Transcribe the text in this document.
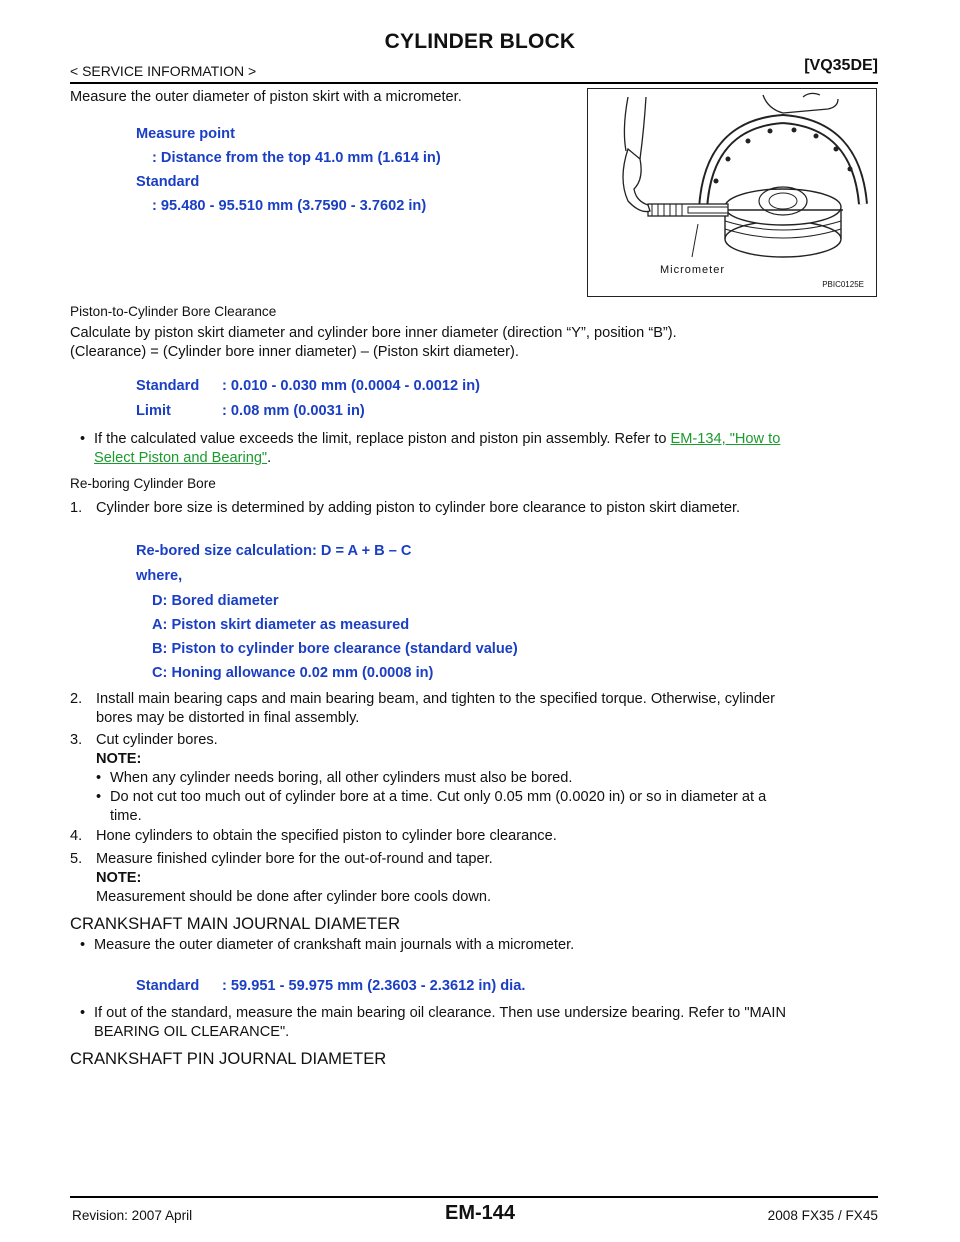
CYLINDER BLOCK
< SERVICE INFORMATION >	[VQ35DE]
Measure the outer diameter of piston skirt with a micrometer.
Measure point
: Distance from the top 41.0 mm (1.614 in)
Standard
: 95.480 - 95.510 mm (3.7590 - 3.7602 in)
Micrometer
PBIC0125E
Piston-to-Cylinder Bore Clearance
Calculate by piston skirt diameter and cylinder bore inner diameter (direction “Y”, position “B”).
(Clearance) = (Cylinder bore inner diameter) – (Piston skirt diameter).
Standard : 0.010 - 0.030 mm (0.0004 - 0.0012 in)
Limit	: 0.08 mm (0.0031 in)
• If the calculated value exceeds the limit, replace piston and piston pin assembly. Refer to EM-134, "How to
Select Piston and Bearing".
Re-boring Cylinder Bore
1. Cylinder bore size is determined by adding piston to cylinder bore clearance to piston skirt diameter.
Re-bored size calculation: D = A + B – C
where,
D: Bored diameter
A: Piston skirt diameter as measured
B: Piston to cylinder bore clearance (standard value)
C: Honing allowance 0.02 mm (0.0008 in)
2. Install main bearing caps and main bearing beam, and tighten to the specified torque. Otherwise, cylinder
bores may be distorted in final assembly.
3. Cut cylinder bores.
NOTE:
• When any cylinder needs boring, all other cylinders must also be bored.
• Do not cut too much out of cylinder bore at a time. Cut only 0.05 mm (0.0020 in) or so in diameter at a
time.
4. Hone cylinders to obtain the specified piston to cylinder bore clearance.
5. Measure finished cylinder bore for the out-of-round and taper.
NOTE:
Measurement should be done after cylinder bore cools down.
CRANKSHAFT MAIN JOURNAL DIAMETER
• Measure the outer diameter of crankshaft main journals with a micrometer.
Standard : 59.951 - 59.975 mm (2.3603 - 2.3612 in) dia.
• If out of the standard, measure the main bearing oil clearance. Then use undersize bearing. Refer to "MAIN
BEARING OIL CLEARANCE".
CRANKSHAFT PIN JOURNAL DIAMETER
Revision: 2007 April	EM-144	2008 FX35 / FX45
